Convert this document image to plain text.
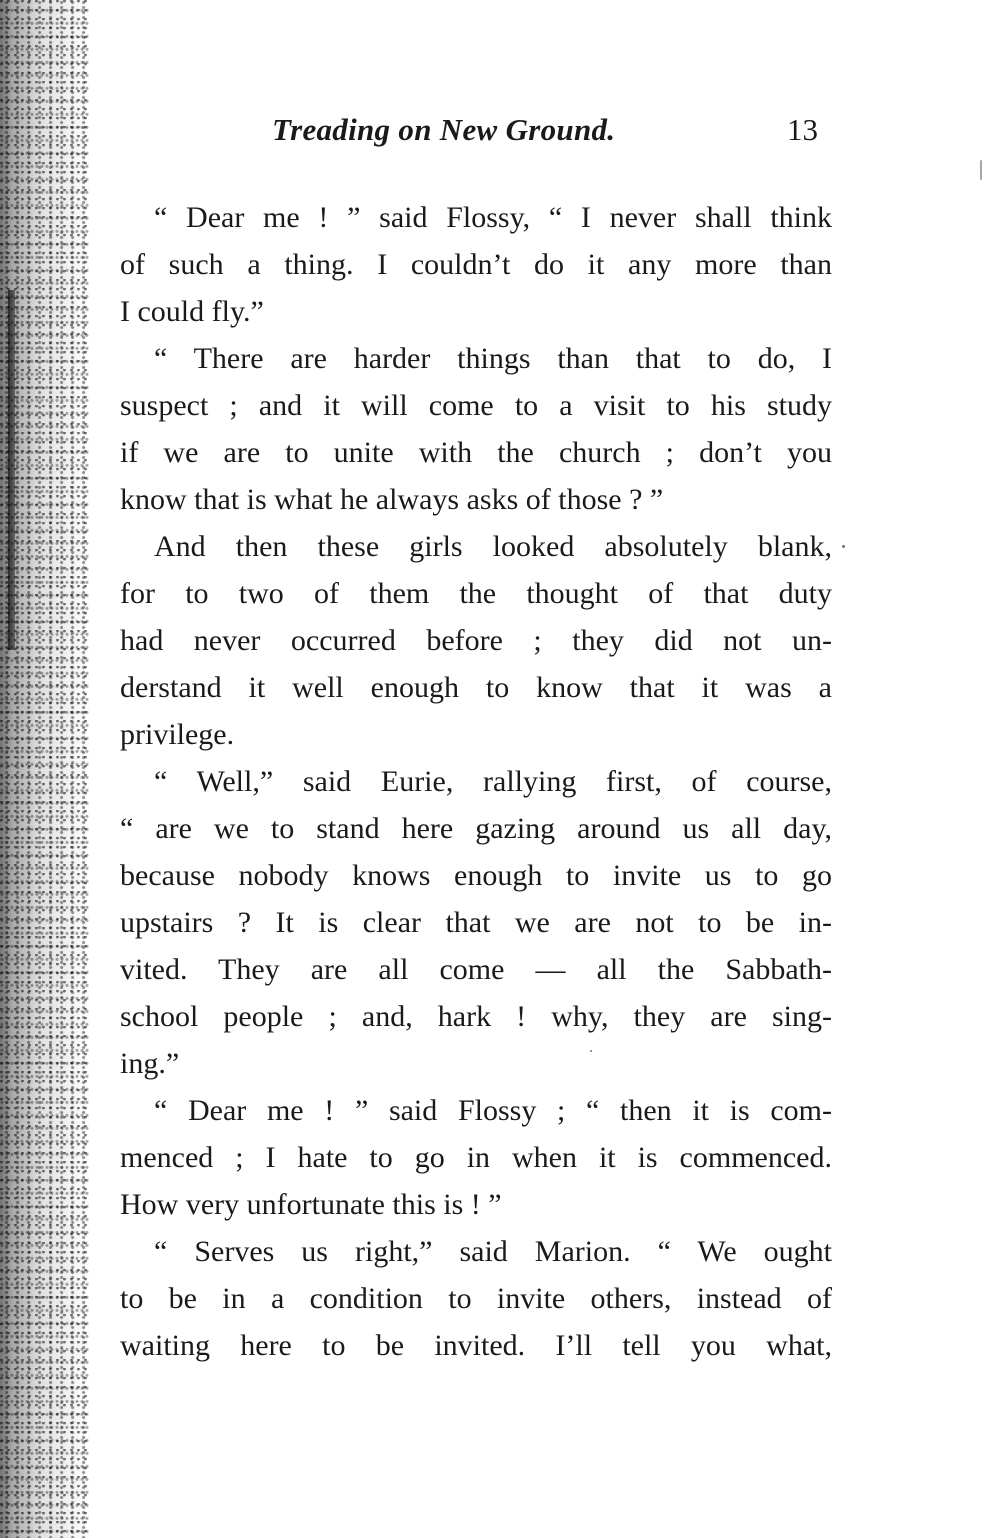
Treading on New Ground.	13
“ Dear me ! ” said Flossy, “ I never shall think
of such a thing. I couldn’t do it any more than
I could fly.”
“ There are harder things than that to do, I
suspect ; and it will come to a visit to his study
if we are to unite with the church ; don’t you
know that is what he always asks of those ? ”
And then these girls looked absolutely blank,
for to two of them the thought of that duty
had never occurred before ; they did not un-
derstand it well enough to know that it was a
privilege.
“ Well,” said Eurie, rallying first, of course,
“ are we to stand here gazing around us all day,
because nobody knows enough to invite us to go
upstairs ? It is clear that we are not to be in-
vited. They are all come — all the Sabbath-
school people ; and, hark ! why, they are sing-
ing.”
“ Dear me ! ” said Flossy ; “ then it is com-
menced ; I hate to go in when it is commenced.
How very unfortunate this is ! ”
“ Serves us right,” said Marion. “ We ought
to be in a condition to invite others, instead of
waiting here to be invited. I’ll tell you what,
